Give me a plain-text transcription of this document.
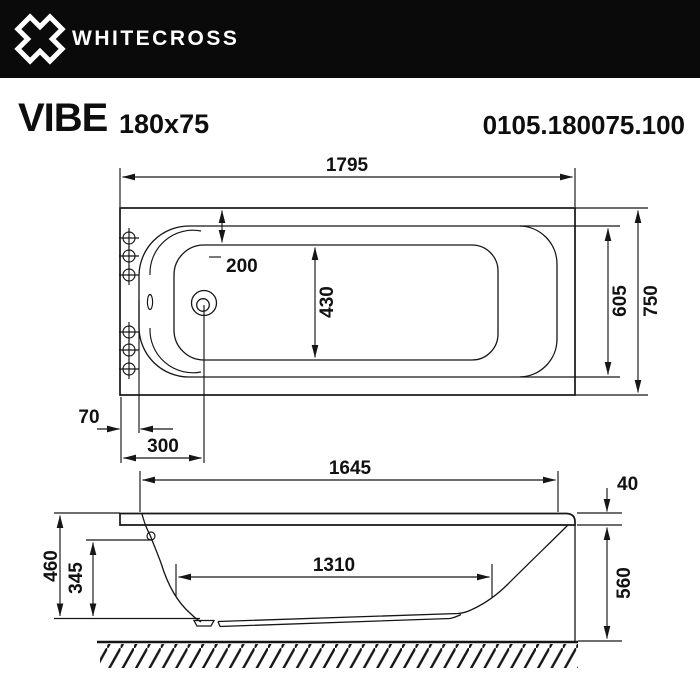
1795
750
605
200
430
70
300
1645
40
560
460 345	1310
WHITECROSS
VIBE 180x75	0105.180075.100
